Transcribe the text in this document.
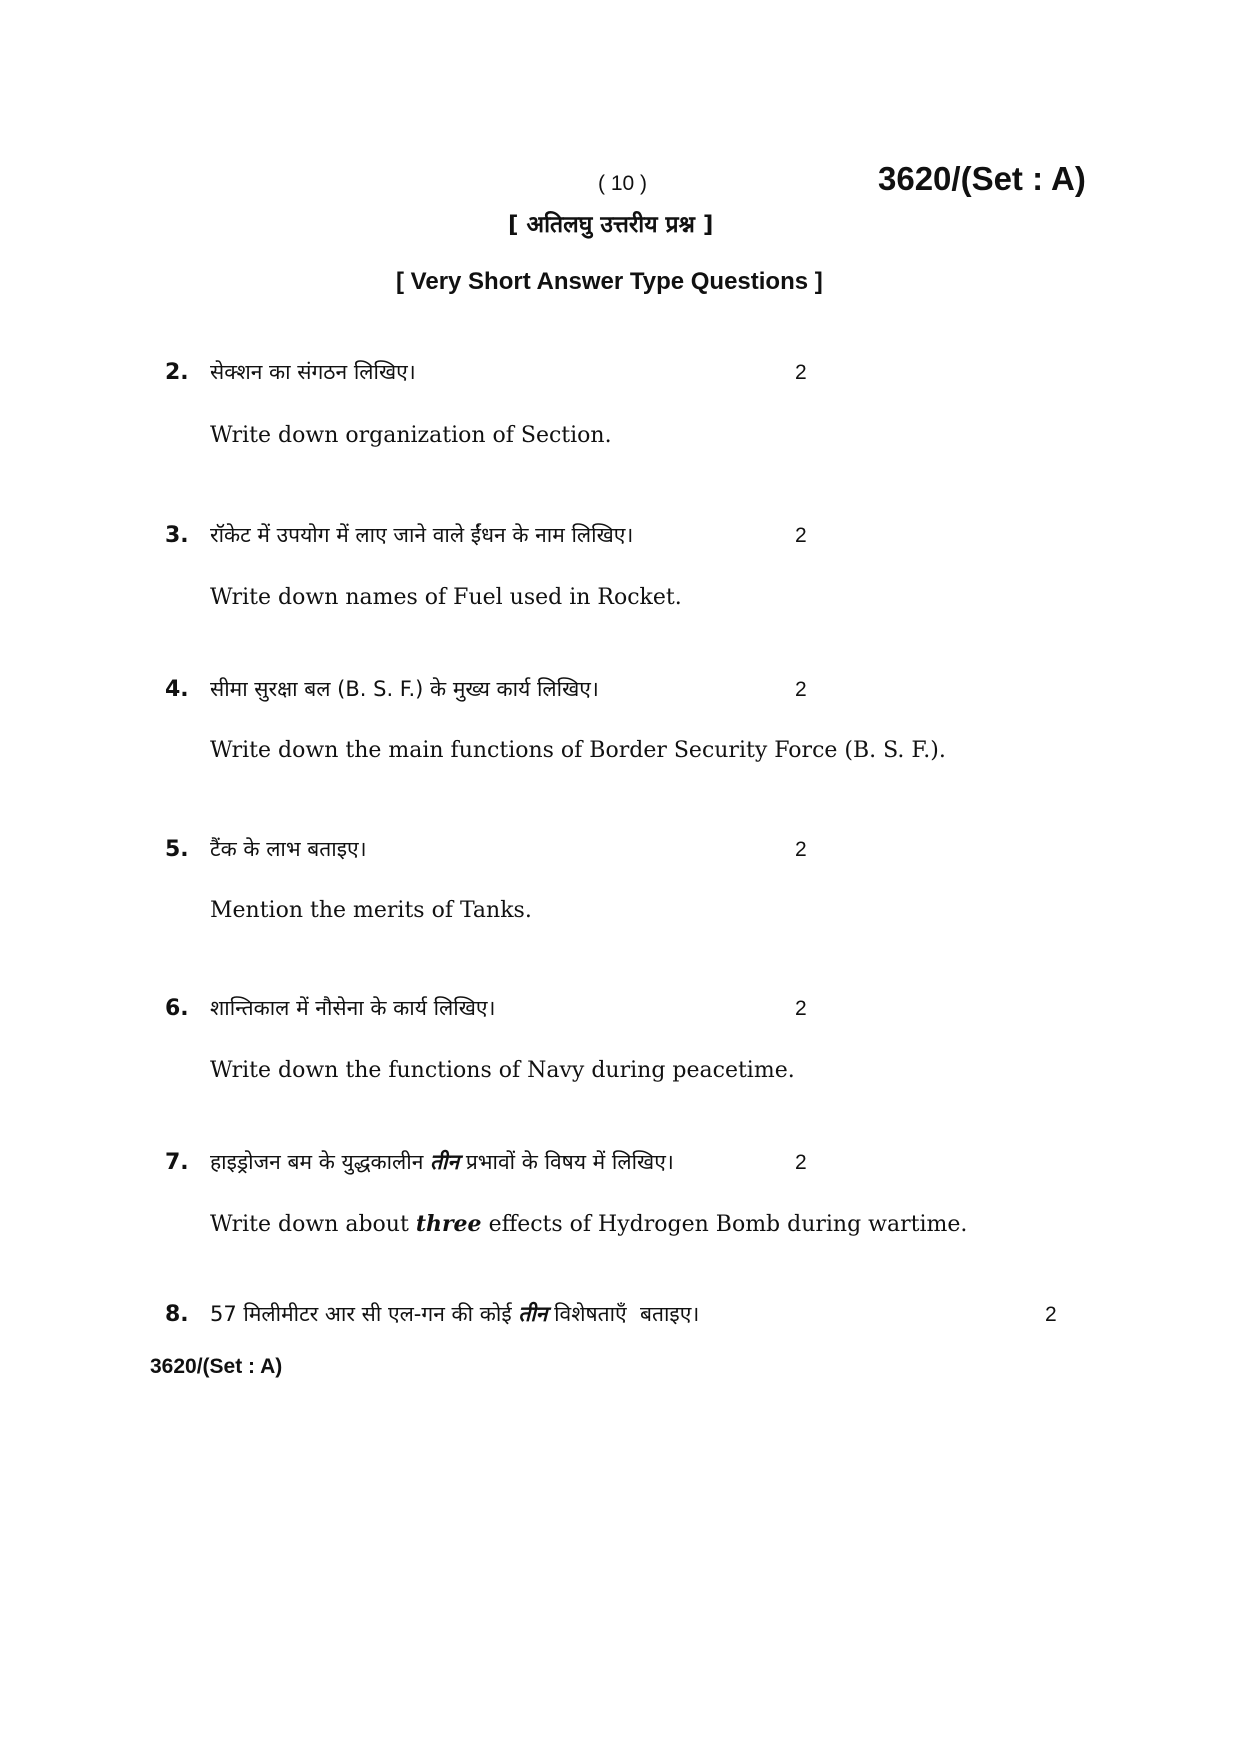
( 10 )	3620/(Set : A)
[ अतिलघु उत्तरीय प्रश्न ]
[ Very Short Answer Type Questions ]
2. सेक्शन का संगठन लिखिए।	2
Write down organization of Section.
3. रॉकेट में उपयोग में लाए जाने वाले ईंधन के नाम लिखिए।	2
Write down names of Fuel used in Rocket.
4. सीमा सुरक्षा बल (B. S. F.) के मुख्य कार्य लिखिए।	2
Write down the main functions of Border Security Force (B. S. F.).
5. टैंक के लाभ बताइए।	2
Mention the merits of Tanks.
6. शान्तिकाल में नौसेना के कार्य लिखिए।	2
Write down the functions of Navy during peacetime.
7. हाइड्रोजन बम के युद्धकालीन तीन प्रभावों के विषय में लिखिए।	2
Write down about three effects of Hydrogen Bomb during wartime.
8. 57 मिलीमीटर आर सी एल-गन की कोई तीन विशेषताएँ  बताइए।	2
3620/(Set : A)
